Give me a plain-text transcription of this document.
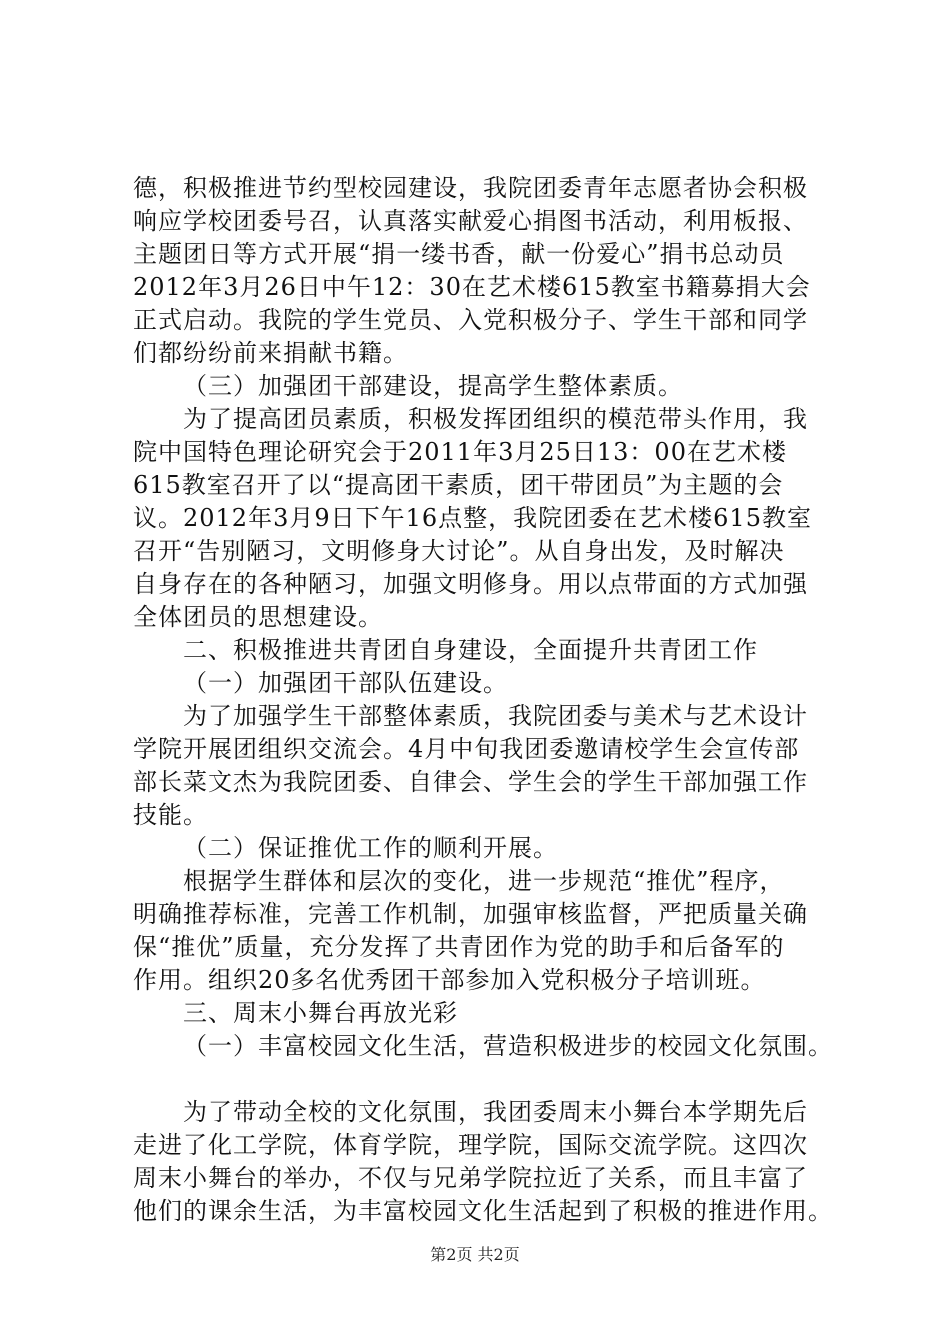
德，积极推进节约型校园建设，我院团委青年志愿者协会积极
响应学校团委号召，认真落实献爱心捐图书活动，利用板报、
主题团日等方式开展“捐一缕书香，献一份爱心”捐书总动员
2012年3月26日中午12：30在艺术楼615教室书籍募捐大会
正式启动。我院的学生党员、入党积极分子、学生干部和同学
们都纷纷前来捐献书籍。
（三）加强团干部建设，提高学生整体素质。
为了提高团员素质，积极发挥团组织的模范带头作用，我
院中国特色理论研究会于2011年3月25日13：00在艺术楼
615教室召开了以“提高团干素质，团干带团员”为主题的会
议。2012年3月9日下午16点整，我院团委在艺术楼615教室
召开“告别陋习，文明修身大讨论”。从自身出发，及时解决
自身存在的各种陋习，加强文明修身。用以点带面的方式加强
全体团员的思想建设。
二、积极推进共青团自身建设，全面提升共青团工作
（一）加强团干部队伍建设。
为了加强学生干部整体素质，我院团委与美术与艺术设计
学院开展团组织交流会。4月中旬我团委邀请校学生会宣传部
部长菜文杰为我院团委、自律会、学生会的学生干部加强工作
技能。
（二）保证推优工作的顺利开展。
根据学生群体和层次的变化，进一步规范“推优”程序，
明确推荐标准，完善工作机制，加强审核监督，严把质量关确
保“推优”质量，充分发挥了共青团作为党的助手和后备军的
作用。组织20多名优秀团干部参加入党积极分子培训班。
三、周末小舞台再放光彩
（一）丰富校园文化生活，营造积极进步的校园文化氛围。
为了带动全校的文化氛围，我团委周末小舞台本学期先后
走进了化工学院，体育学院，理学院，国际交流学院。这四次
周末小舞台的举办，不仅与兄弟学院拉近了关系，而且丰富了
他们的课余生活，为丰富校园文化生活起到了积极的推进作用。
第2页 共2页
